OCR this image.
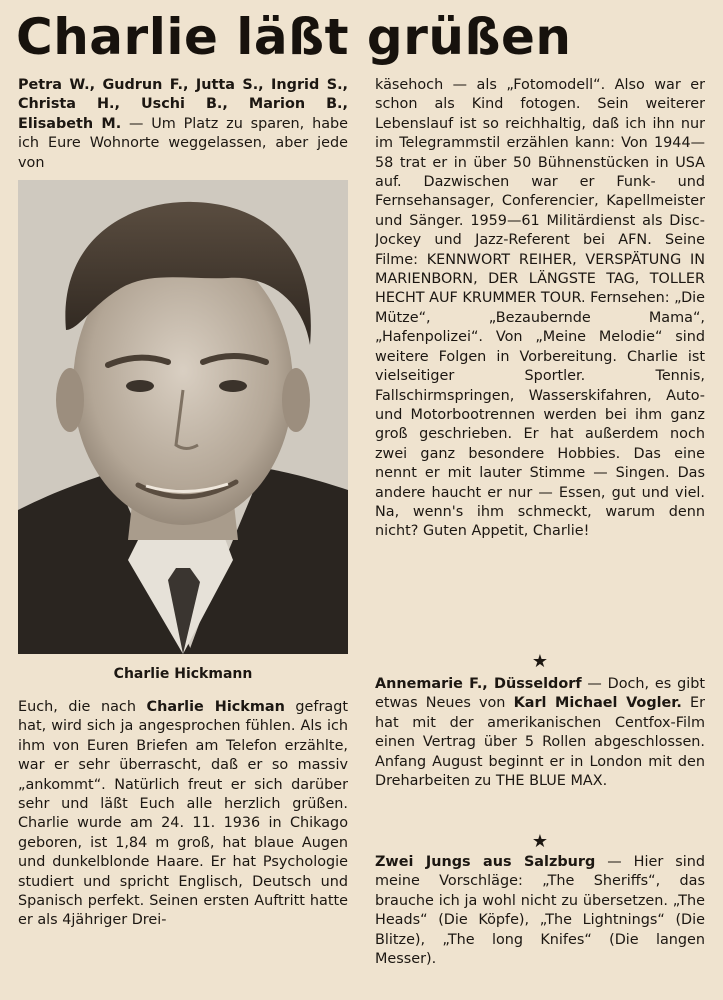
Charlie läßt grüßen

Petra W., Gudrun F., Jutta S., Ingrid S., Christa H., Uschi B., Marion B., Elisabeth M. — Um Platz zu sparen, habe ich Eure Wohnorte weggelassen, aber jede von

Charlie Hickmann

Euch, die nach Charlie Hickman gefragt hat, wird sich ja angesprochen fühlen. Als ich ihm von Euren Briefen am Telefon erzählte, war er sehr überrascht, daß er so massiv „ankommt“. Natürlich freut er sich darüber sehr und läßt Euch alle herzlich grüßen. Charlie wurde am 24. 11. 1936 in Chikago geboren, ist 1,84 m groß, hat blaue Augen und dunkelblonde Haare. Er hat Psychologie studiert und spricht Englisch, Deutsch und Spanisch perfekt. Seinen ersten Auftritt hatte er als 4jähriger Drei-

käsehoch — als „Fotomodell“. Also war er schon als Kind fotogen. Sein weiterer Lebenslauf ist so reichhaltig, daß ich ihn nur im Telegrammstil erzählen kann: Von 1944—58 trat er in über 50 Bühnenstücken in USA auf. Dazwischen war er Funk- und Fernsehansager, Conferencier, Kapellmeister und Sänger. 1959—61 Militärdienst als Disc-Jockey und Jazz-Referent bei AFN. Seine Filme: KENNWORT REIHER, VERSPÄTUNG IN MARIENBORN, DER LÄNGSTE TAG, TOLLER HECHT AUF KRUMMER TOUR. Fernsehen: „Die Mütze“, „Bezaubernde Mama“, „Hafenpolizei“. Von „Meine Melodie“ sind weitere Folgen in Vorbereitung. Charlie ist vielseitiger Sportler. Tennis, Fallschirmspringen, Wasserskifahren, Auto- und Motorbootrennen werden bei ihm ganz groß geschrieben. Er hat außerdem noch zwei ganz besondere Hobbies. Das eine nennt er mit lauter Stimme — Singen. Das andere haucht er nur — Essen, gut und viel. Na, wenn's ihm schmeckt, warum denn nicht? Guten Appetit, Charlie!

★

Annemarie F., Düsseldorf — Doch, es gibt etwas Neues von Karl Michael Vogler. Er hat mit der amerikanischen Centfox-Film einen Vertrag über 5 Rollen abgeschlossen. Anfang August beginnt er in London mit den Dreharbeiten zu THE BLUE MAX.

★

Zwei Jungs aus Salzburg — Hier sind meine Vorschläge: „The Sheriffs“, das brauche ich ja wohl nicht zu übersetzen. „The Heads“ (Die Köpfe), „The Lightnings“ (Die Blitze), „The long Knifes“ (Die langen Messer).
